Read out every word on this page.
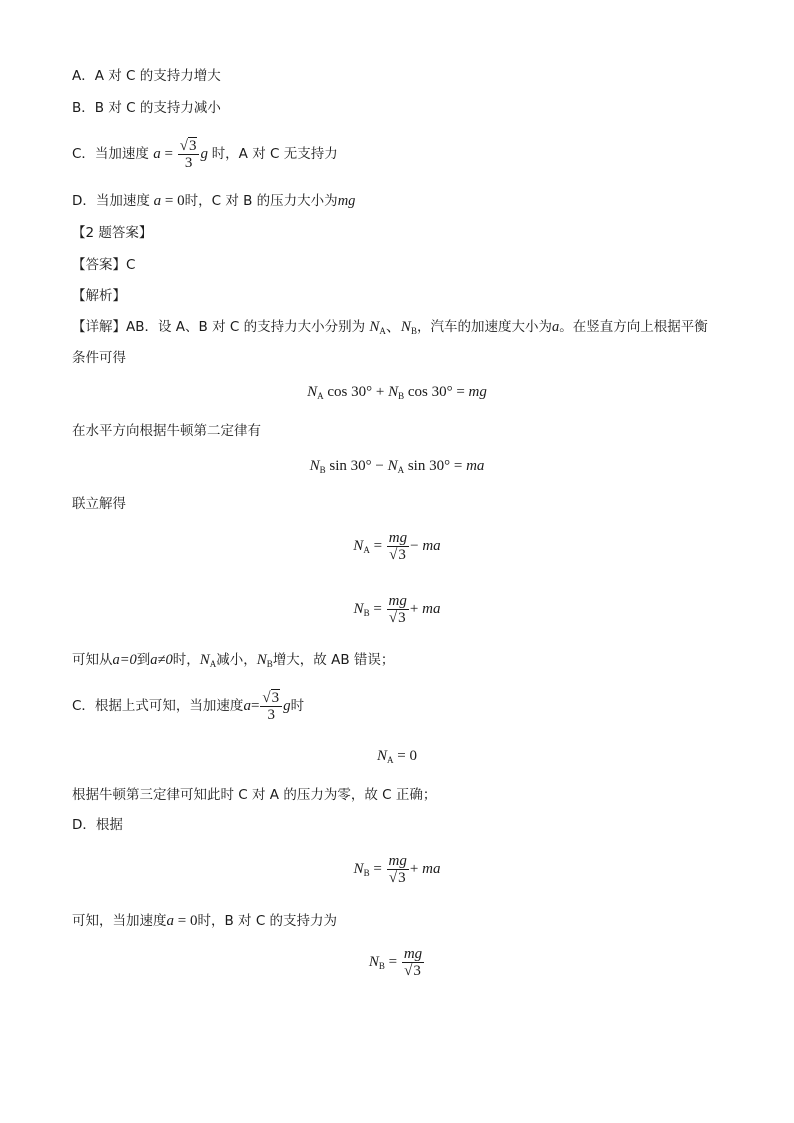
A．A 对 C 的支持力增大
B．B 对 C 的支持力减小
C．当加速度 $a = \frac{√3}{3}$ g 时，A 对 C 无支持力
D．当加速度 a = 0时，C 对 B 的压力大小为mg
【2 题答案】
【答案】C
【解析】
【详解】AB．设 A、B 对 C 的支持力大小分别为 $N_A$、$N_B$，汽车的加速度大小为a。在竖直方向上根据平衡
条件可得
$N_A$ $\cos 30^\circ + N_B$ cos 30° = mg
在水平方向根据牛顿第二定律有
$N_B$ $\sin 30^\circ - N_A$ sin 30° = ma
联立解得
$N_A = \frac{mg}{√3}$ − ma
$N_B = \frac{mg}{√3}$ + ma
可知从a=0到a≠0时，$N_A$减小，$N_B$增大，故 AB 错误；
C．根据上式可知，当加速度$a= \frac{√3}{3}$ g时
$N_A = 0$
根据牛顿第三定律可知此时 C 对 A 的压力为零，故 C 正确；
D．根据
$N_B = \frac{mg}{√3}$ + ma
可知，当加速度a = 0时，B 对 C 的支持力为
$N_B = \frac{mg}{√3}$
